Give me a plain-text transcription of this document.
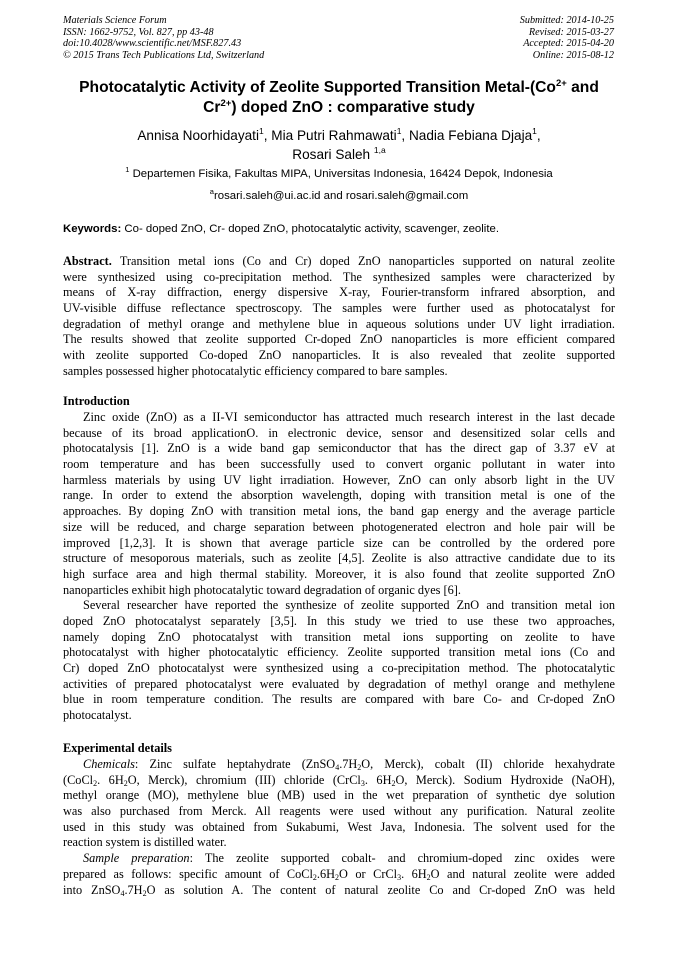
Materials Science Forum
ISSN: 1662-9752, Vol. 827, pp 43-48
doi:10.4028/www.scientific.net/MSF.827.43
© 2015 Trans Tech Publications Ltd, Switzerland
Submitted: 2014-10-25
Revised: 2015-03-27
Accepted: 2015-04-20
Online: 2015-08-12
Photocatalytic Activity of Zeolite Supported Transition Metal-($Co^{2+}$ and
$Cr^{2+}$) doped ZnO : comparative study
Annisa Noorhidayati$^1$, Mia Putri Rahmawati$^1$, Nadia Febiana Djaja$^1$,
Rosari Saleh $^{1,a}$
$^1$ Departemen Fisika, Fakultas MIPA, Universitas Indonesia, 16424 Depok, Indonesia
$^a$rosari.saleh@ui.ac.id and rosari.saleh@gmail.com
Keywords: Co- doped ZnO, Cr- doped ZnO, photocatalytic activity, scavenger, zeolite.
Abstract. Transition metal ions (Co and Cr) doped ZnO nanoparticles supported on natural zeolite
were synthesized using co-precipitation method. The synthesized samples were characterized by
means of X-ray diffraction, energy dispersive X-ray, Fourier-transform infrared absorption, and
UV-visible diffuse reflectance spectroscopy. The samples were further used as photocatalyst for
degradation of methyl orange and methylene blue in aqueous solutions under UV light irradiation.
The results showed that zeolite supported Cr-doped ZnO nanoparticles is more efficient compared
with zeolite supported Co-doped ZnO nanoparticles. It is also revealed that zeolite supported
samples possessed higher photocatalytic efficiency compared to bare samples.
Introduction
Zinc oxide (ZnO) as a II-VI semiconductor has attracted much research interest in the last decade
because of its broad applicationO. in electronic device, sensor and desensitized solar cells and
photocatalysis [1]. ZnO is a wide band gap semiconductor that has the direct gap of 3.37 eV at
room temperature and has been successfully used to convert organic pollutant in water into
harmless materials by using UV light irradiation. However, ZnO can only absorb light in the UV
range. In order to extend the absorption wavelength, doping with transition metal is one of the
approaches. By doping ZnO with transition metal ions, the band gap energy and the average particle
size will be reduced, and charge separation between photogenerated electron and hole pair will be
improved [1,2,3]. It is shown that average particle size can be controlled by the ordered pore
structure of mesoporous materials, such as zeolite [4,5]. Zeolite is also attractive candidate due to its
high surface area and high thermal stability. Moreover, it is also found that zeolite supported ZnO
nanoparticles exhibit high photocatalytic toward degradation of organic dyes [6].
Several researcher have reported the synthesize of zeolite supported ZnO and transition metal ion
doped ZnO photocatalyst separately [3,5]. In this study we tried to use these two approaches,
namely doping ZnO photocatalyst with transition metal ions supporting on zeolite to have
photocatalyst with higher photocatalytic efficiency. Zeolite supported transition metal ions (Co and
Cr) doped ZnO photocatalyst were synthesized using a co-precipitation method. The photocatalytic
activities of prepared photocatalyst were evaluated by degradation of methyl orange and methylene
blue in room temperature condition. The results are compared with bare Co- and Cr-doped ZnO
photocatalyst.
Experimental details
Chemicals: Zinc sulfate heptahydrate ($ZnSO_4.7H_2O$, Merck), cobalt (II) chloride hexahydrate
(CoCl$_2$. $6H_2O$, Merck), chromium (III) chloride (CrCl$_3$. $6H_2O$, Merck). Sodium Hydroxide (NaOH),
methyl orange (MO), methylene blue (MB) used in the wet preparation of synthetic dye solution
was also purchased from Merck. All reagents were used without any purification. Natural zeolite
used in this study was obtained from Sukabumi, West Java, Indonesia. The solvent used for the
reaction system is distilled water.
Sample preparation: The zeolite supported cobalt- and chromium-doped zinc oxides were
prepared as follows: specific amount of $CoCl_2.6H_2O$ or CrCl$_3$. $6H_2O$ and natural zeolite were added
into $ZnSO_4.7H_2O$ as solution A. The content of natural zeolite Co and Cr-doped ZnO was held
